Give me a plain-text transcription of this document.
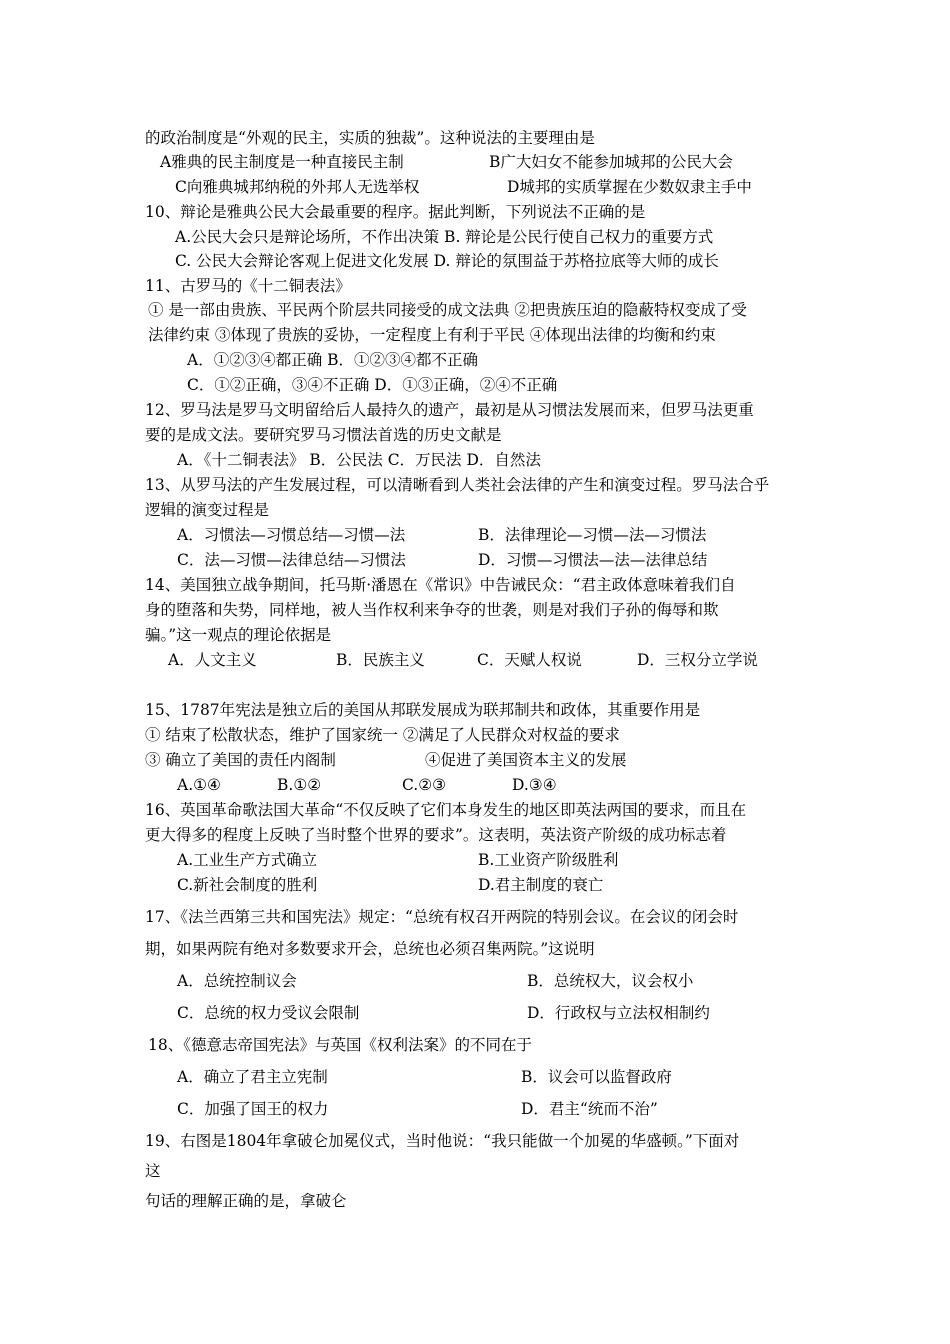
的政治制度是“外观的民主，实质的独裁”。这种说法的主要理由是
A雅典的民主制度是一种直接民主制	B广大妇女不能参加城邦的公民大会
C向雅典城邦纳税的外邦人无选举权	D城邦的实质掌握在少数奴隶主手中
10、辩论是雅典公民大会最重要的程序。据此判断，下列说法不正确的是
A.公民大会只是辩论场所，不作出决策 B. 辩论是公民行使自己权力的重要方式
C. 公民大会辩论客观上促进文化发展 D. 辩论的氛围益于苏格拉底等大师的成长
11、古罗马的《十二铜表法》
① 是一部由贵族、平民两个阶层共同接受的成文法典 ②把贵族压迫的隐蔽特权变成了受
法律约束 ③体现了贵族的妥协，一定程度上有利于平民 ④体现出法律的均衡和约束
A．①②③④都正确 B．①②③④都不正确
C．①②正确，③④不正确 D．①③正确，②④不正确
12、罗马法是罗马文明留给后人最持久的遗产，最初是从习惯法发展而来，但罗马法更重
要的是成文法。要研究罗马习惯法首选的历史文献是
A．《十二铜表法》 B．公民法 C．万民法 D．自然法
13、从罗马法的产生发展过程，可以清晰看到人类社会法律的产生和演变过程。罗马法合乎
逻辑的演变过程是
A．习惯法—习惯总结—习惯—法	B．法律理论—习惯—法—习惯法
C．法—习惯—法律总结—习惯法	D．习惯—习惯法—法—法律总结
14、美国独立战争期间，托马斯·潘恩在《常识》中告诫民众：“君主政体意味着我们自
身的堕落和失势，同样地，被人当作权利来争夺的世袭，则是对我们子孙的侮辱和欺
骗。”这一观点的理论依据是
A．人文主义	B．民族主义	C．天赋人权说	D．三权分立学说
15、1787年宪法是独立后的美国从邦联发展成为联邦制共和政体，其重要作用是
① 结束了松散状态，维护了国家统一 ②满足了人民群众对权益的要求
③ 确立了美国的责任内阁制	④促进了美国资本主义的发展
A.①④	B.①②	C.②③	D.③④
16、英国革命歌法国大革命“不仅反映了它们本身发生的地区即英法两国的要求，而且在
更大得多的程度上反映了当时整个世界的要求”。这表明，英法资产阶级的成功标志着
A.工业生产方式确立	B.工业资产阶级胜利
C.新社会制度的胜利	D.君主制度的衰亡
17、《法兰西第三共和国宪法》规定：“总统有权召开两院的特别会议。在会议的闭会时
期，如果两院有绝对多数要求开会，总统也必须召集两院。”这说明
A．总统控制议会	B．总统权大，议会权小
C．总统的权力受议会限制	D．行政权与立法权相制约
18、《德意志帝国宪法》与英国《权利法案》的不同在于
A．确立了君主立宪制	B．议会可以监督政府
C．加强了国王的权力	D．君主“统而不治”
19、右图是1804年拿破仑加冕仪式，当时他说：“我只能做一个加冕的华盛顿。”下面对
这
句话的理解正确的是，拿破仑
